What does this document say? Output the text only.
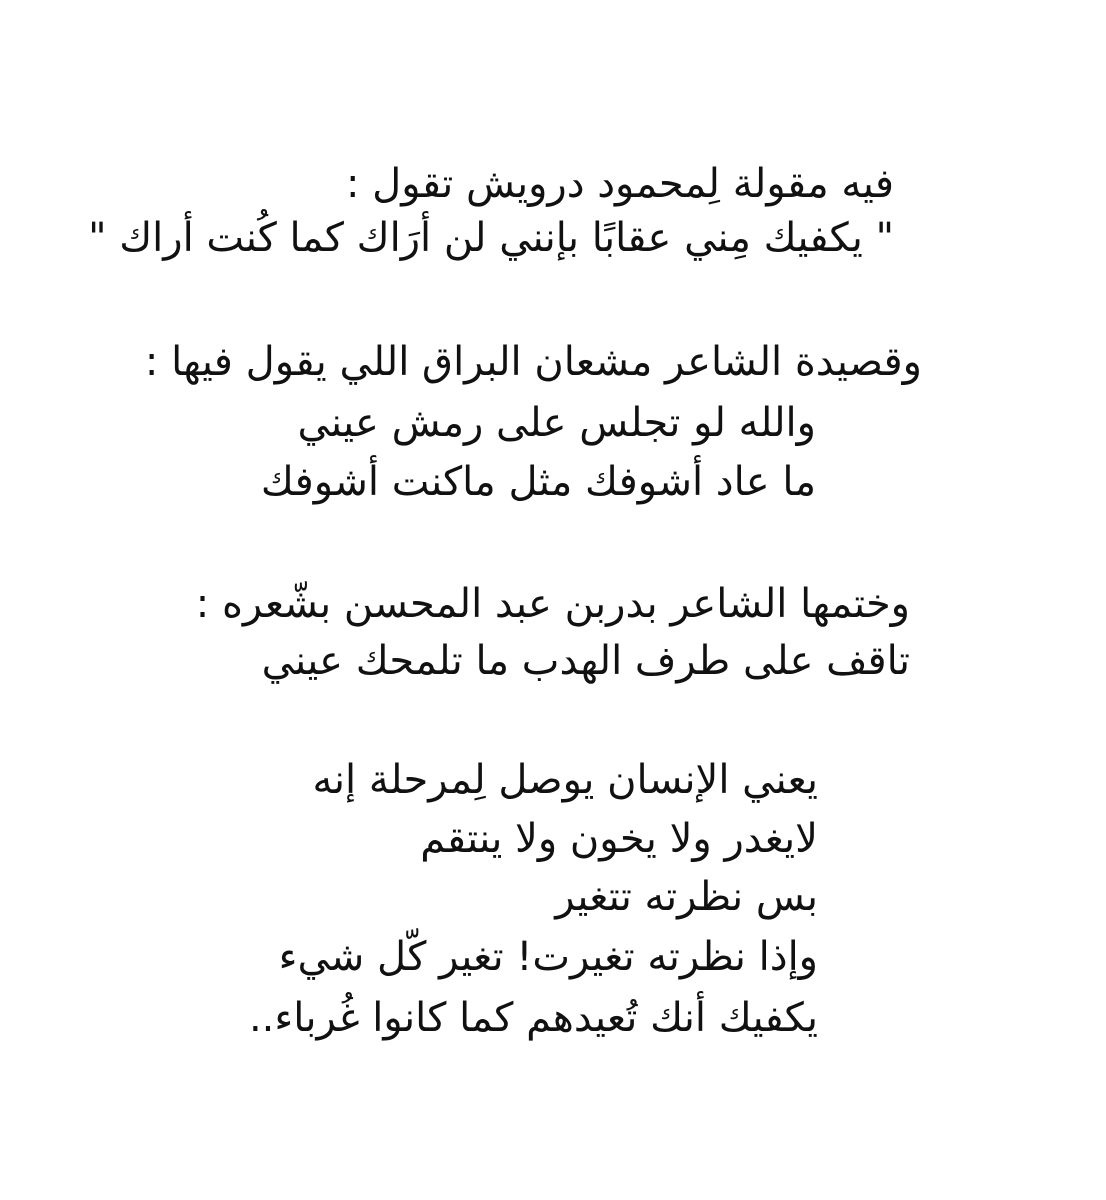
فيه مقولة لِمحمود درويش تقول :
" يكفيك مِني عقابًا بإنني لن أرَاك كما كُنت أراك "
وقصيدة الشاعر مشعان البراق اللي يقول فيها :
والله لو تجلس على رمش عيني
ما عاد أشوفك مثل ماكنت أشوفك
وختمها الشاعر بدربن عبد المحسن بشّعره :
تاقف على طرف الهدب ما تلمحك عيني
يعني الإنسان يوصل لِمرحلة إنه
لايغدر ولا يخون ولا ينتقم
بس نظرته تتغير
وإذا نظرته تغيرت! تغير كّل شيء
يكفيك أنك تُعيدهم كما كانوا غُرباء..
